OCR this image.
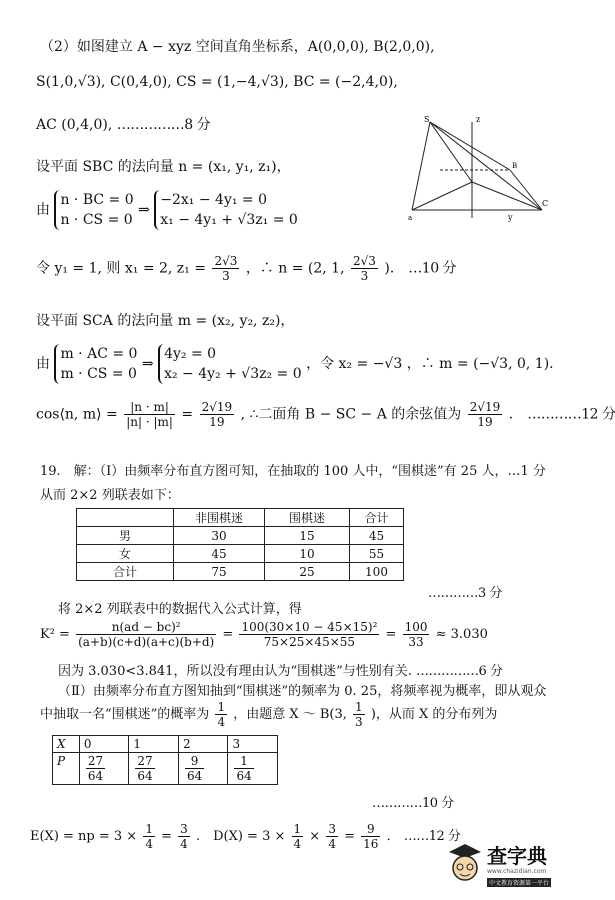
（2）如图建立 A − xyz 空间直角坐标系，A(0,0,0), B(2,0,0),
S(1,0,√3), C(0,4,0), CS = (1,−4,√3), BC = (−2,4,0),
AC (0,4,0), ……………8 分	S	z
B
a	y
C
设平面 SBC 的法向量 n = (x₁, y₁, z₁)，
由
n · BC = 0
n · CS = 0
⇒
−2x₁ − 4y₁ = 0
x₁ − 4y₁ + √3z₁ = 0
令 y₁ = 1, 则 x₁ = 2, $z_1 = \frac{2√3}{3}$ ，∴ n = (2, 1, $\frac{2√3}{3}$ )． …10 分
设平面 SCA 的法向量 m = (x₂, y₂, z₂)，
由
m · AC = 0
m · CS = 0
⇒
4y₂ = 0
x₂ − 4y₂ + √3z₂ = 0
，令 x₂ = −√3 ，∴ m = (−√3, 0, 1)．
cos⟨n, m⟩ = $\frac{|n \cdot m|}{|n| \cdot |m|} = \frac{2√19}{19}$ , ∴二面角 B − SC − A 的余弦值为 $\frac{2√19}{19}$ ． …………12 分
19.　解：（Ⅰ）由频率分布直方图可知，在抽取的 100 人中，“围棋迷”有 25 人，…1 分
从而 2×2 列联表如下：
	非围棋迷	围棋迷	合计
男	30	15	45
女	45	10	55
合计	75	25	100
…………3 分
将 2×2 列联表中的数据代入公式计算，得
$K^2 = \frac{\text{n(ad − bc)²}}{(a+b)(c+d)(a+c)(b+d)} = \frac{\text{100(30×10 − 45×15)²}}{75\times 25\times 45\times 55} = \frac{100}{33} \approx 3.030$
因为 3.030<3.841，所以没有理由认为“围棋迷”与性别有关. ……………6 分
（Ⅱ）由频率分布直方图知抽到“围棋迷”的频率为 0. 25，将频率视为概率，即从观众
中抽取一名“围棋迷”的概率为 $\frac{1}{4}$ ，由题意 X ～ B(3, $\frac{1}{3}$ )，从而 X 的分布列为
X	0	1	2	3
P	$\frac{27}{64}$	$\frac{27}{64}$	$\frac{9}{64}$	$\frac{1}{64}$
…………10 分
E(X) = np = $3 \times \frac{1}{4} = \frac{3}{4}$ .　$D(X) = 3 \times \frac{1}{4} \times \frac{3}{4} = \frac{9}{16}$ ． ……12 分
查字典
www.chazidian.com
中文教育资源第一平台
